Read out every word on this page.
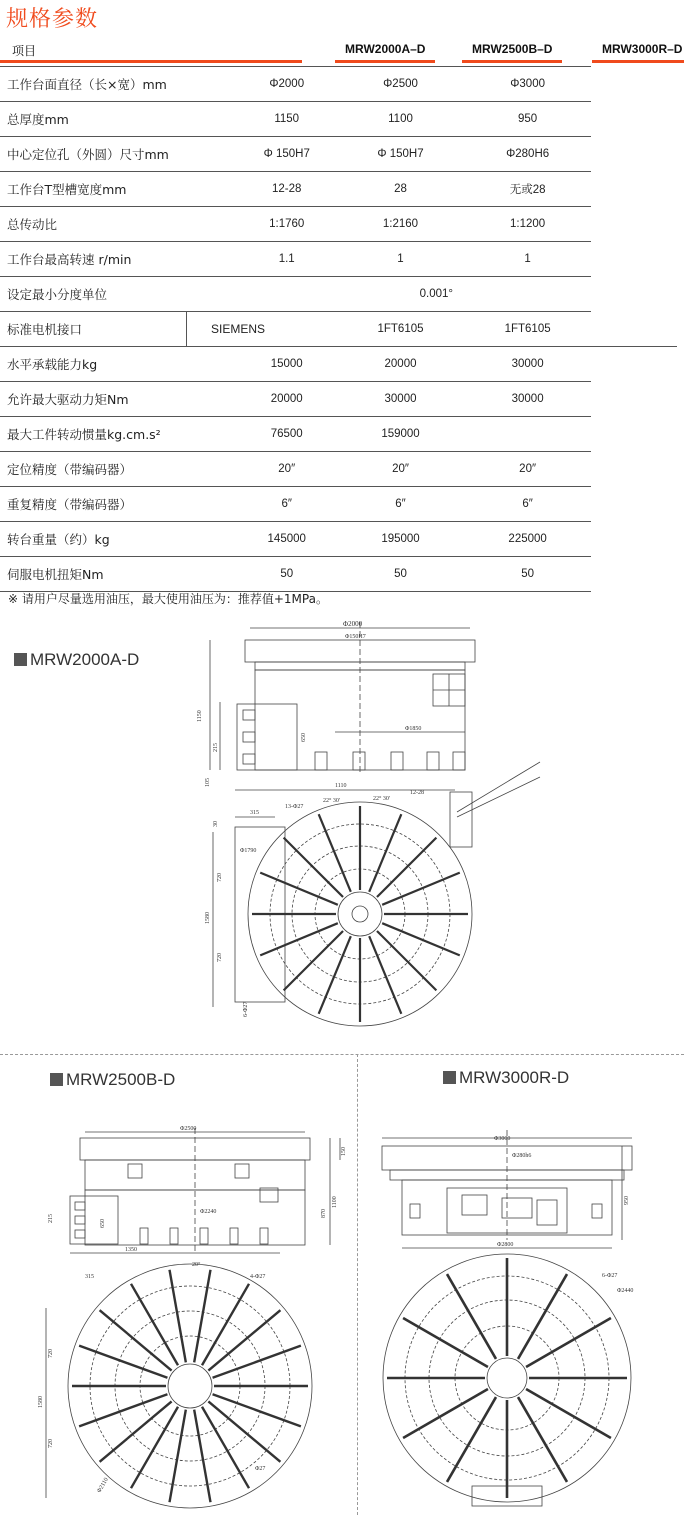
规格参数
项目	MRW2000A–D	MRW2500B–D	MRW3000R–D
工作台面直径（长×宽）mm	Φ2000	Φ2500	Φ3000	
总厚度mm	1150	1100	950	
中心定位孔（外圆）尺寸mm	Φ 150H7	Φ 150H7	Φ280H6	
工作台T型槽宽度mm	12-28	28	无或28	
总传动比	1:1760	1:2160	1:1200	
工作台最高转速 r/min	1.1	1	1	
设定最小分度单位	0.001°			
标准电机接口	SIEMENS	1FT6105	1FT6105	
水平承载能力kg	15000	20000	30000	
允许最大驱动力矩Nm	20000	30000	30000	
最大工件转动惯量kg.cm.s²	76500	159000		
定位精度（带编码器）	20″	20″	20″	
重复精度（带编码器）	6″	6″	6″	
转台重量（约）kg	145000	195000	225000	
伺服电机扭矩Nm	50	50	50	
※ 请用户尽量选用油压，最大使用油压为：推荐值+1MPa。
MRW2000A-D
Φ2000
Φ150H7
1150
215
650
Φ1850
105	1110
315
13-Φ27
22° 30′	22° 30′
12-28
Φ1790
30
720
1580
720
6-Φ27
MRW2500B-D
Φ2500
150
1100
870
215
650
Φ2240
1350
315
720
1580
720
20°
Φ2110
Φ27
4-Φ27
MRW3000R-D
Φ3000
Φ280h6
950
Φ2800
6-Φ27
Φ2440
